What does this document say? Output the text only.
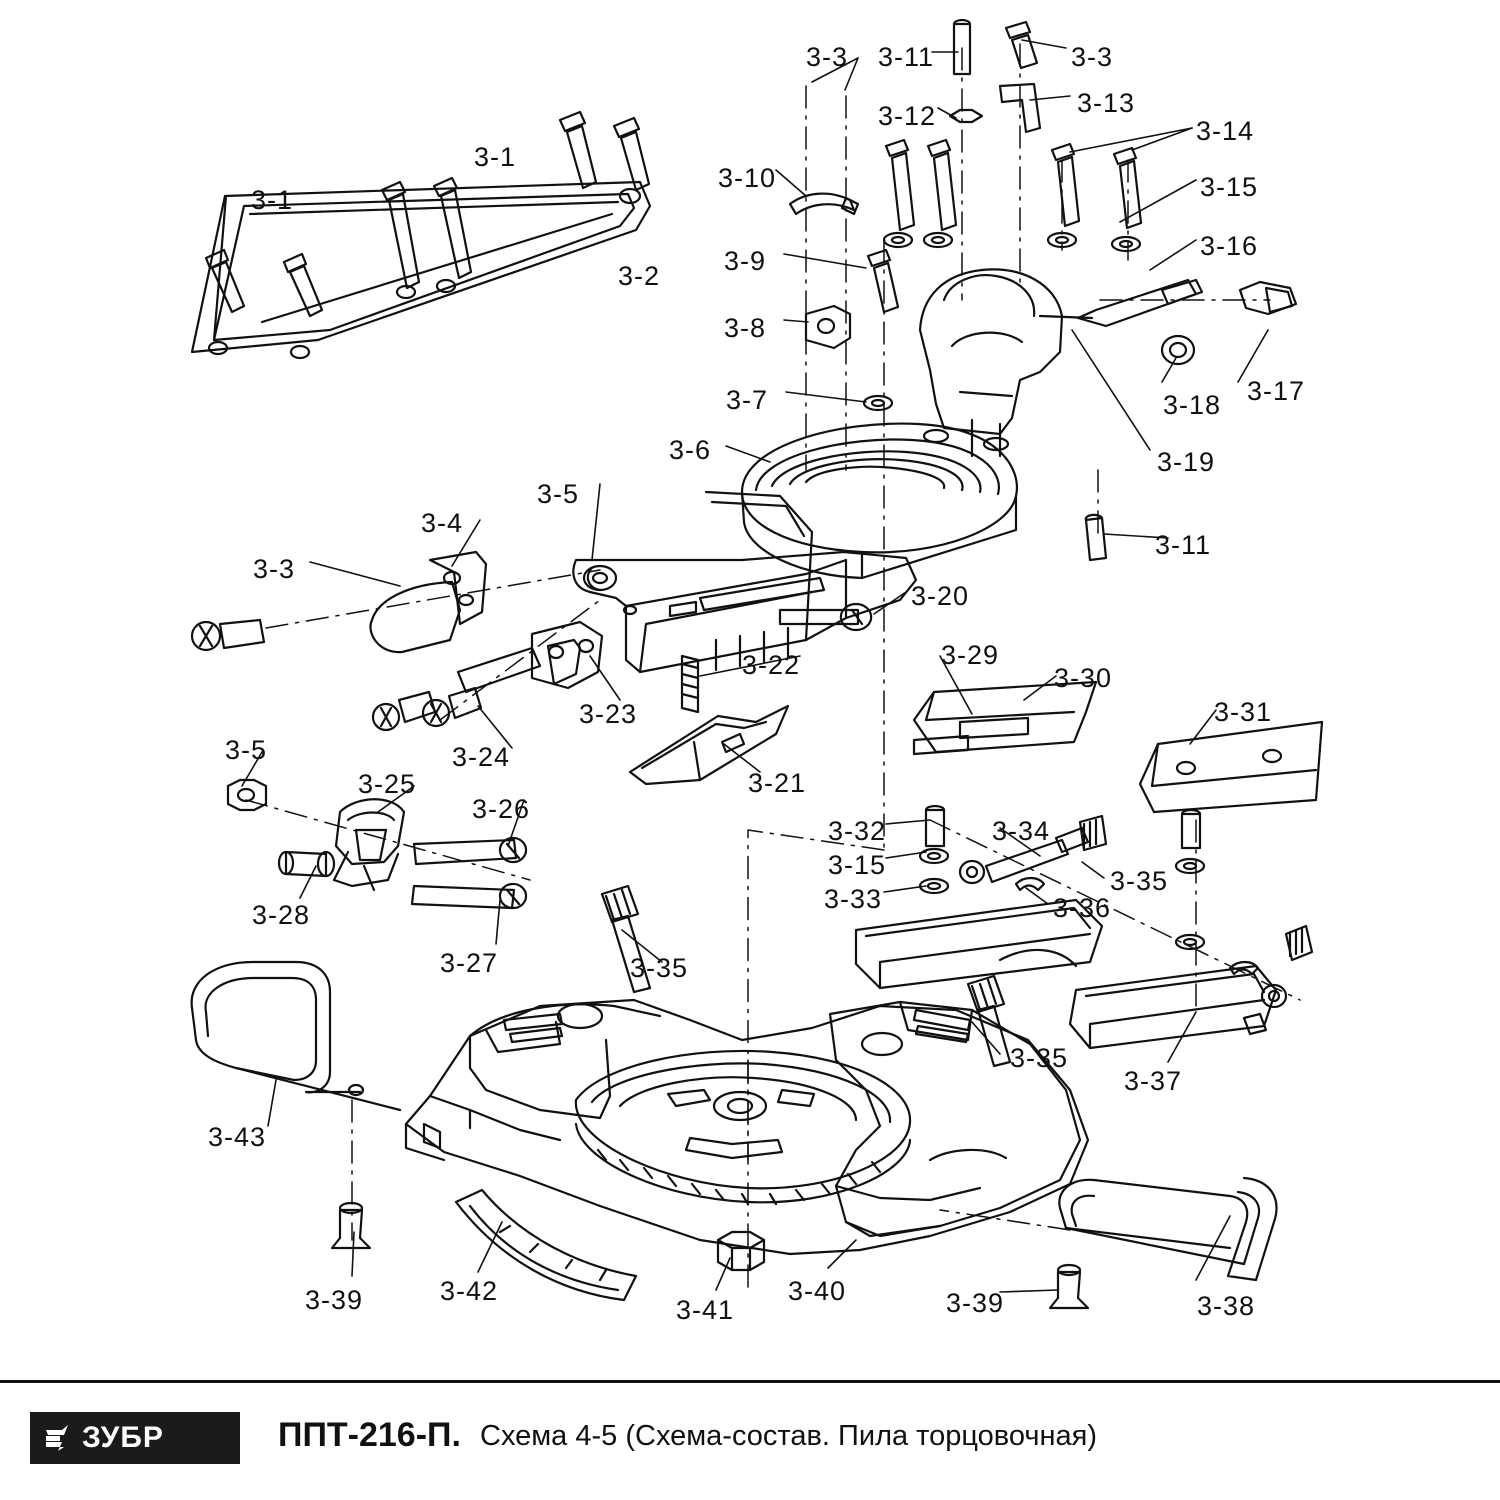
3-3 3-11	3-3
3-12	3-13
3-14
3-1
3-10	3-15
3-1
3-16
3-9
3-2
3-8
3-17
3-18
3-7
3-19
3-6
3-5
3-4
3-11
3-3
3-20
3-22	3-29
3-30
3-23	3-31
3-24
3-5
3-21
3-25
3-26
3-32	3-34
3-15
3-35
3-33
3-28	3-36
3-27	3-35
3-35
3-37
3-43
3-39	3-42
3-41
3-40	3-39	3-38
ЗУБР	ППТ-216-П. Схема 4-5 (Схема-состав. Пила торцовочная)
